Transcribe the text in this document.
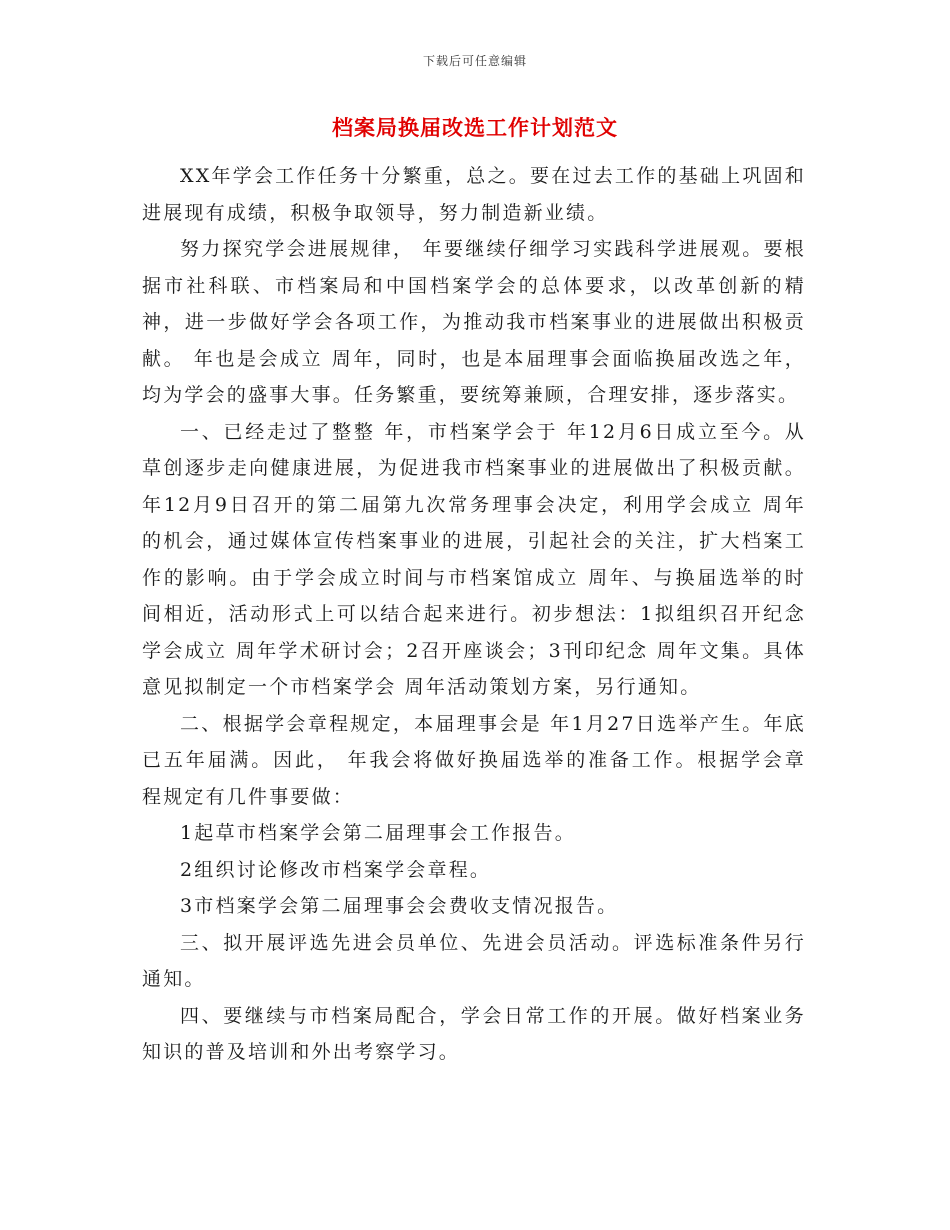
下载后可任意编辑
档案局换届改选工作计划范文

XX年学会工作任务十分繁重，总之。要在过去工作的基础上巩固和进展现有成绩，积极争取领导，努力制造新业绩。

努力探究学会进展规律， 年要继续仔细学习实践科学进展观。要根据市社科联、市档案局和中国档案学会的总体要求，以改革创新的精神，进一步做好学会各项工作，为推动我市档案事业的进展做出积极贡献。 年也是会成立 周年，同时，也是本届理事会面临换届改选之年，均为学会的盛事大事。任务繁重，要统筹兼顾，合理安排，逐步落实。

一、已经走过了整整 年，市档案学会于 年12月6日成立至今。从草创逐步走向健康进展，为促进我市档案事业的进展做出了积极贡献。年12月9日召开的第二届第九次常务理事会决定，利用学会成立 周年的机会，通过媒体宣传档案事业的进展，引起社会的关注，扩大档案工作的影响。由于学会成立时间与市档案馆成立 周年、与换届选举的时间相近，活动形式上可以结合起来进行。初步想法：1拟组织召开纪念学会成立 周年学术研讨会；2召开座谈会；3刊印纪念 周年文集。具体意见拟制定一个市档案学会 周年活动策划方案，另行通知。

二、根据学会章程规定，本届理事会是 年1月27日选举产生。年底已五年届满。因此， 年我会将做好换届选举的准备工作。根据学会章程规定有几件事要做：

1起草市档案学会第二届理事会工作报告。

2组织讨论修改市档案学会章程。

3市档案学会第二届理事会会费收支情况报告。

三、拟开展评选先进会员单位、先进会员活动。评选标准条件另行通知。

四、要继续与市档案局配合，学会日常工作的开展。做好档案业务知识的普及培训和外出考察学习。
